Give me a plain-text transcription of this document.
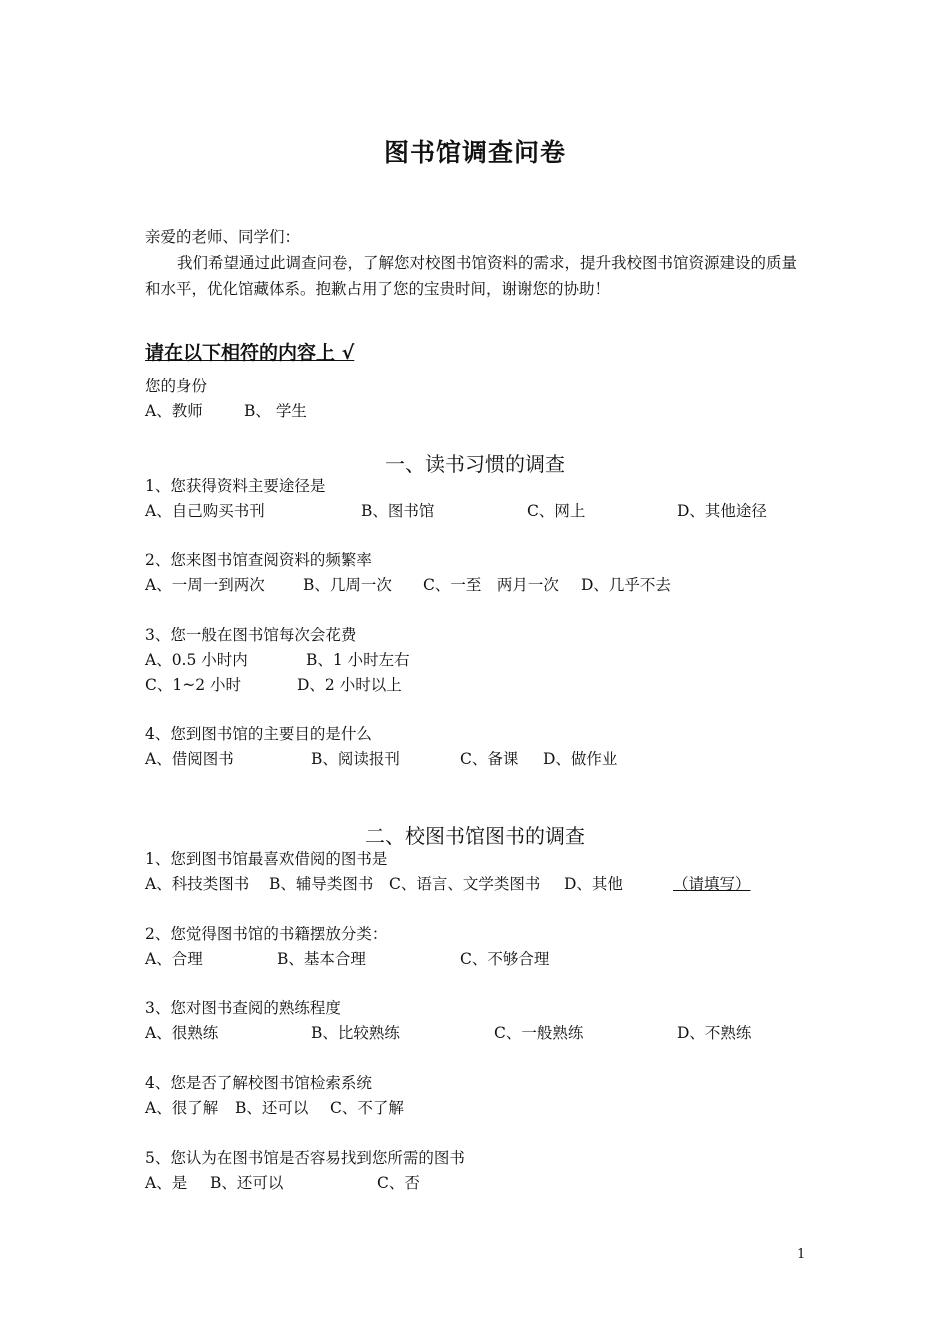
图书馆调查问卷
亲爱的老师、同学们：
我们希望通过此调查问卷，了解您对校图书馆资料的需求，提升我校图书馆资源建设的质量和水平，优化馆藏体系。抱歉占用了您的宝贵时间，谢谢您的协助！
请在以下相符的内容上 √
您的身份
A、教师	B、 学生
一、读书习惯的调查
1、您获得资料主要途径是
A、自己购买书刊	B、图书馆	C、网上	D、其他途径
2、您来图书馆查阅资料的频繁率
A、一周一到两次 B、几周一次 C、一至　两月一次 D、几乎不去
3、您一般在图书馆每次会花费
A、0.5 小时内	B、1 小时左右
C、1~2 小时	D、2 小时以上
4、您到图书馆的主要目的是什么
A、借阅图书	B、阅读报刊	C、备课 D、做作业
二、校图书馆图书的调查
1、您到图书馆最喜欢借阅的图书是
A、科技类图书 B、辅导类图书 C、语言、文学类图书 D、其他	（请填写）
2、您觉得图书馆的书籍摆放分类：
A、合理	B、基本合理	C、不够合理
3、您对图书查阅的熟练程度
A、很熟练	B、比较熟练	C、一般熟练	D、不熟练
4、您是否了解校图书馆检索系统
A、很了解 B、还可以 C、不了解
5、您认为在图书馆是否容易找到您所需的图书
A、是 B、还可以	C、否
1
